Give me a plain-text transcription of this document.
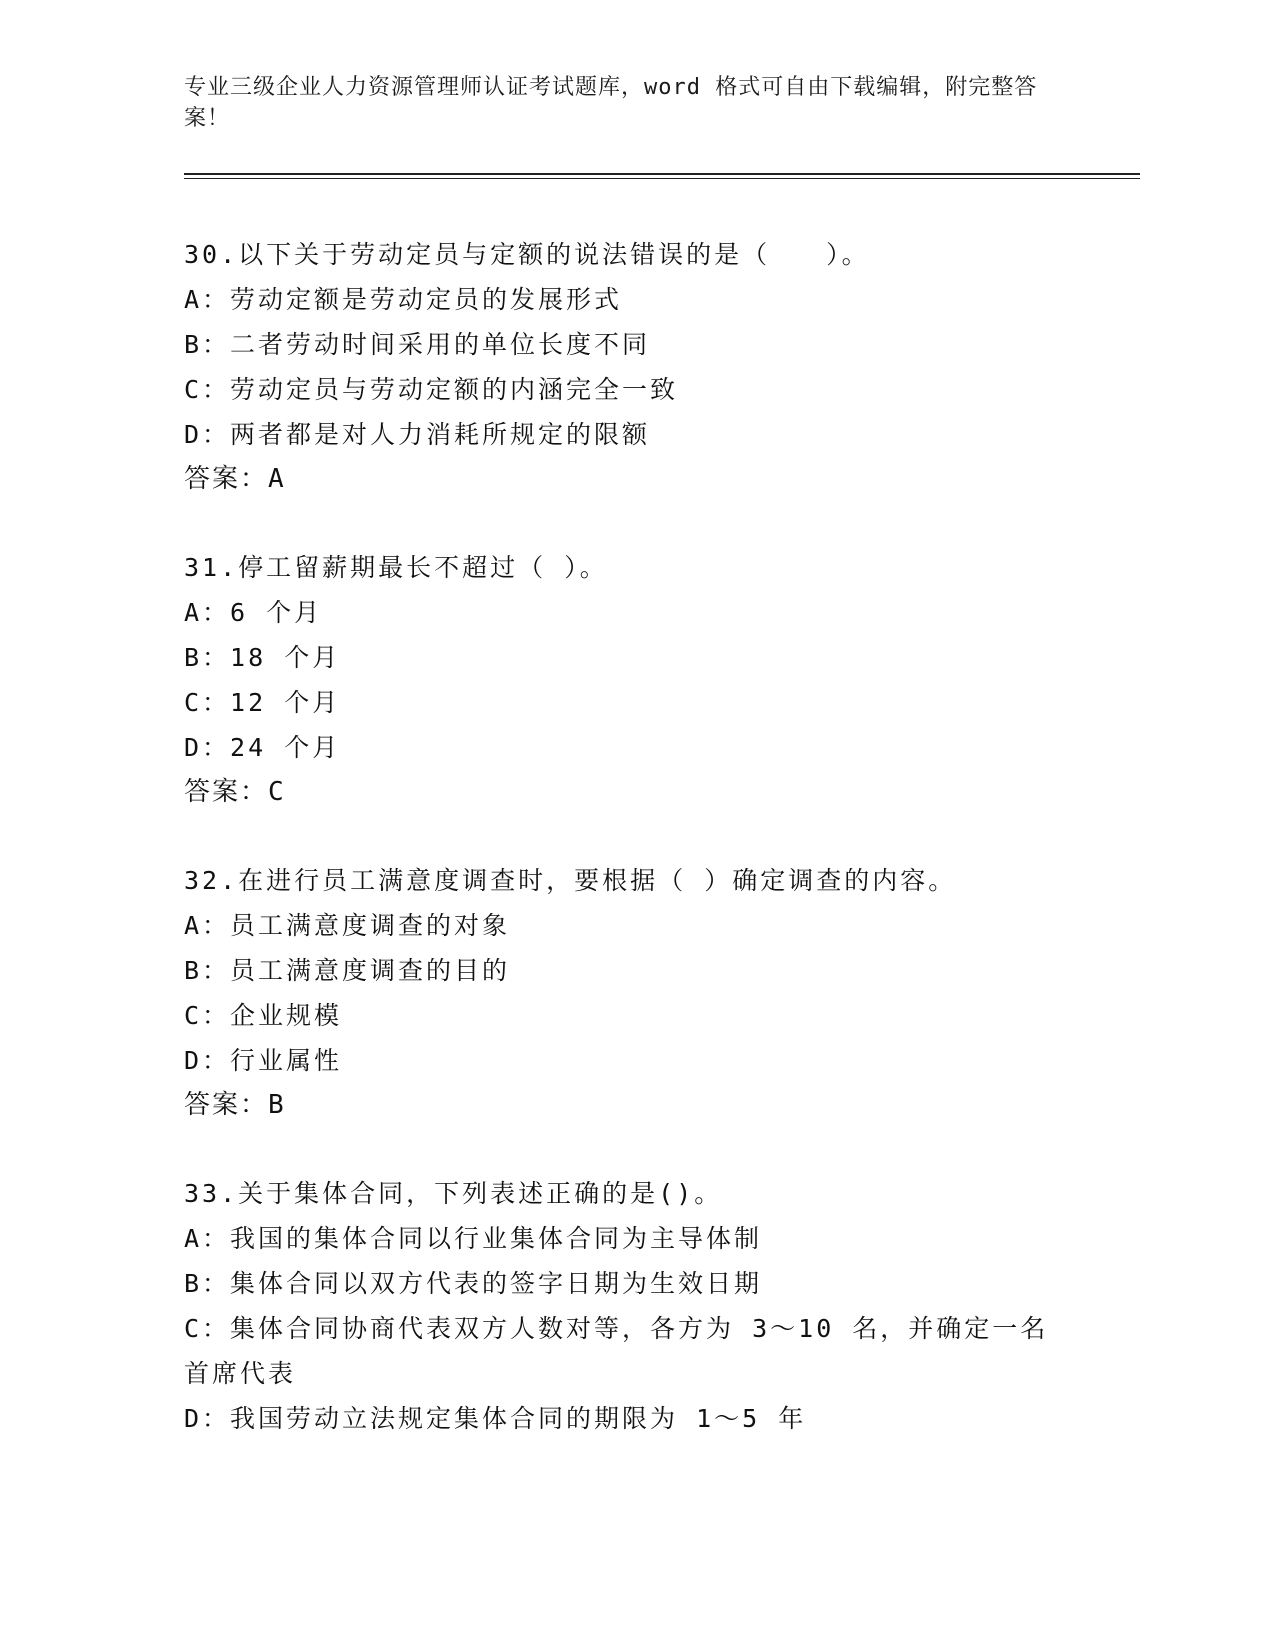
专业三级企业人力资源管理师认证考试题库，word 格式可自由下载编辑，附完整答案！
30.以下关于劳动定员与定额的说法错误的是（　　）。
A：劳动定额是劳动定员的发展形式
B：二者劳动时间采用的单位长度不同
C：劳动定员与劳动定额的内涵完全一致
D：两者都是对人力消耗所规定的限额
答案：A
31.停工留薪期最长不超过（ ）。
A：6 个月
B：18 个月
C：12 个月
D：24 个月
答案：C
32.在进行员工满意度调查时，要根据（ ）确定调查的内容。
A：员工满意度调查的对象
B：员工满意度调查的目的
C：企业规模
D：行业属性
答案：B
33.关于集体合同，下列表述正确的是()。
A：我国的集体合同以行业集体合同为主导体制
B：集体合同以双方代表的签字日期为生效日期
C：集体合同协商代表双方人数对等，各方为 3～10 名，并确定一名首席代表
D：我国劳动立法规定集体合同的期限为 1～5 年
